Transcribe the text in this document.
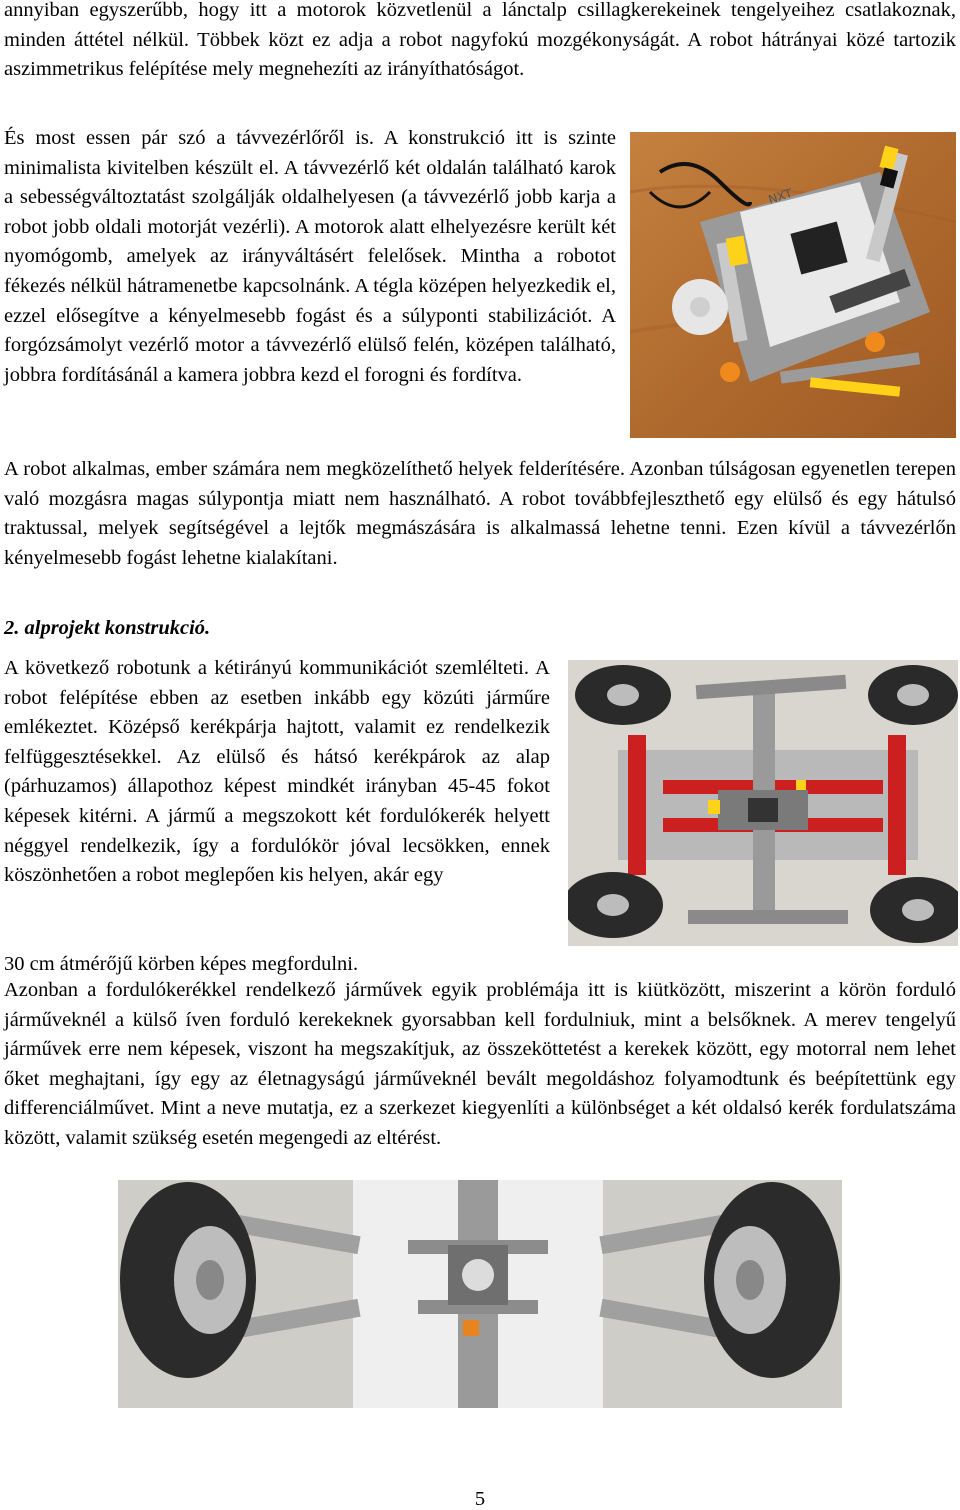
annyiban egyszerűbb, hogy itt a motorok közvetlenül a lánctalp csillagkerekeinek tengelyeihez csatlakoznak, minden áttétel nélkül. Többek közt ez adja a robot nagyfokú mozgékonyságát. A robot hátrányai közé tartozik aszimmetrikus felépítése mely megnehezíti az irányíthatóságot.

És most essen pár szó a távvezérlőről is. A konstrukció itt is szinte minimalista kivitelben készült el. A távvezérlő két oldalán található karok a sebességváltoztatást szolgálják oldalhelyesen (a távvezérlő jobb karja a robot jobb oldali motorját vezérli). A motorok alatt elhelyezésre került két nyomógomb, amelyek az irányváltásért felelősek. Mintha a robotot fékezés nélkül hátramenetbe kapcsolnánk. A tégla középen helyezkedik el, ezzel elősegítve a kényelmesebb fogást és a súlyponti stabilizációt. A forgózsámolyt vezérlő motor a távvezérlő elülső felén, középen található, jobbra fordításánál a kamera jobbra kezd el forogni és fordítva.

NXT

A robot alkalmas, ember számára nem megközelíthető helyek felderítésére. Azonban túlságosan egyenetlen terepen való mozgásra magas súlypontja miatt nem használható. A robot továbbfejleszthető egy elülső és egy hátulsó traktussal, melyek segítségével a lejtők megmászására is alkalmassá lehetne tenni. Ezen kívül a távvezérlőn kényelmesebb fogást lehetne kialakítani.

2. alprojekt konstrukció.

A következő robotunk a kétirányú kommunikációt szemlélteti. A robot felépítése ebben az esetben inkább egy közúti járműre emlékeztet. Középső kerékpárja hajtott, valamit ez rendelkezik felfüggesztésekkel. Az elülső és hátsó kerékpárok az alap (párhuzamos) állapothoz képest mindkét irányban 45-45 fokot képesek kitérni. A jármű a megszokott két fordulókerék helyett néggyel rendelkezik, így a fordulókör jóval lecsökken, ennek köszönhetően a robot meglepően kis helyen, akár egy

30 cm átmérőjű körben képes megfordulni.

Azonban a fordulókerékkel rendelkező járművek egyik problémája itt is kiütközött, miszerint a körön forduló járműveknél a külső íven forduló kerekeknek gyorsabban kell fordulniuk, mint a belsőknek. A merev tengelyű járművek erre nem képesek, viszont ha megszakítjuk, az összeköttetést a kerekek között, egy motorral nem lehet őket meghajtani, így egy az életnagyságú járműveknél bevált megoldáshoz folyamodtunk és beépítettünk egy differenciálművet. Mint a neve mutatja, ez a szerkezet kiegyenlíti a különbséget a két oldalsó kerék fordulatszáma között, valamit szükség esetén megengedi az eltérést.

5
